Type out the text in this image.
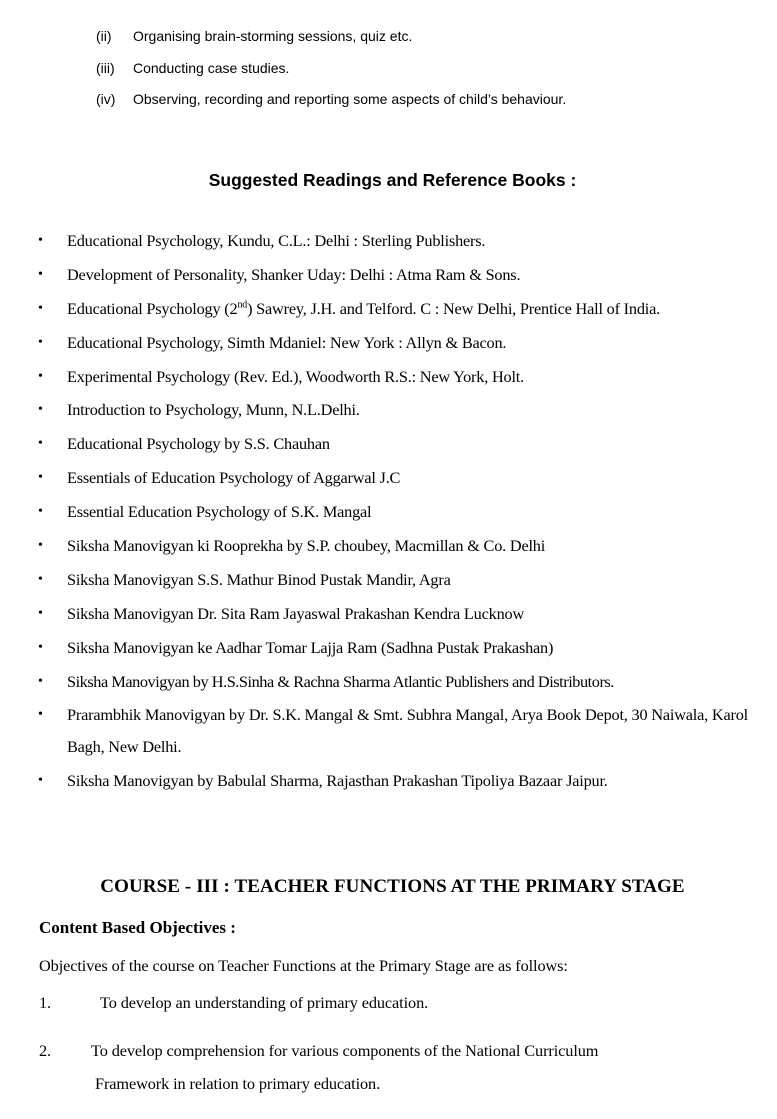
(ii)	Organising brain-storming sessions, quiz etc.
(iii)	Conducting case studies.
(iv)	Observing, recording and reporting some aspects of child’s behaviour.
Suggested Readings and Reference Books :
•	Educational Psychology, Kundu, C.L.: Delhi : Sterling Publishers.
•	Development of Personality, Shanker Uday: Delhi : Atma Ram & Sons.
•	Educational Psychology (2nd) Sawrey, J.H. and Telford. C : New Delhi, Prentice Hall of India.
•	Educational Psychology, Simth Mdaniel: New York : Allyn & Bacon.
•	Experimental Psychology (Rev. Ed.), Woodworth R.S.: New York, Holt.
•	Introduction to Psychology, Munn, N.L.Delhi.
•	Educational Psychology by S.S. Chauhan
•	Essentials of Education Psychology of Aggarwal J.C
•	Essential Education Psychology of S.K. Mangal
•	Siksha Manovigyan ki Rooprekha by S.P. choubey, Macmillan & Co. Delhi
•	Siksha Manovigyan S.S. Mathur Binod Pustak Mandir, Agra
•	Siksha Manovigyan Dr. Sita Ram Jayaswal Prakashan Kendra Lucknow
•	Siksha Manovigyan ke Aadhar Tomar Lajja Ram (Sadhna Pustak Prakashan)
•	Siksha Manovigyan by H.S.Sinha & Rachna Sharma Atlantic Publishers and Distributors.
•	Prarambhik Manovigyan by Dr. S.K. Mangal & Smt. Subhra Mangal, Arya Book Depot, 30 Naiwala, Karol Bagh, New Delhi.
•	Siksha Manovigyan by Babulal Sharma, Rajasthan Prakashan Tipoliya Bazaar Jaipur.
COURSE - III : TEACHER FUNCTIONS AT THE PRIMARY STAGE
Content Based Objectives :

Objectives of the course on Teacher Functions at the Primary Stage are as follows:

1.	To develop an understanding of primary education.
2. To develop comprehension for various components of the National Curriculum
Framework in relation to primary education.
